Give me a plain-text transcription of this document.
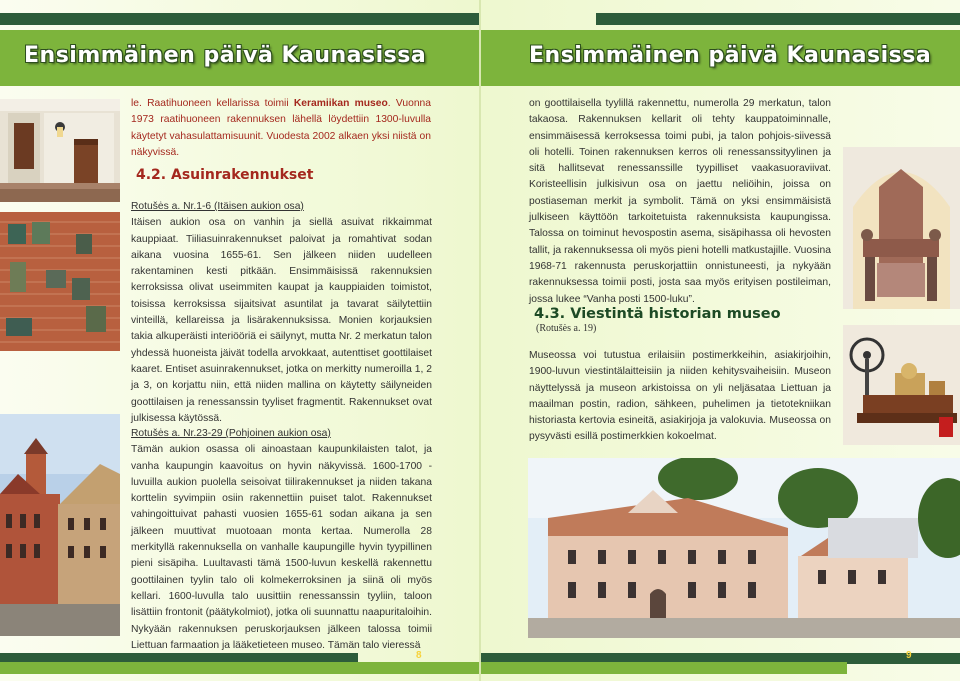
Ensimmäinen päivä Kaunasissa

le. Raatihuoneen kellarissa toimii Keramiikan museo. Vuonna 1973 raatihuoneen rakennuksen lähellä löydettiin 1300-luvulla käytetyt vahasulattamisuunit. Vuodesta 2002 alkaen yksi niistä on näkyvissä.

4.2. Asuinrakennukset

Rotušės a. Nr.1-6 (Itäisen aukion osa)

Itäisen aukion osa on vanhin ja siellä asuivat rikkaimmat kauppiaat. Tiiliasuinrakennukset paloivat ja romahtivat sodan aikana vuosina 1655-61. Sen jälkeen niiden uudelleen rakentaminen kesti pitkään. Ensimmäisissä rakennuksien kerroksissa olivat useimmiten kaupat ja kauppiaiden toimistot, toisissa kerroksissa sijaitsivat asuntilat ja tavarat säilytettiin vinteillä, kellareissa ja lisärakennuksissa. Monien korjauksien takia alkuperäisti interiööriä ei säilynyt, mutta Nr. 2 merkatun talon yhdessä huoneista jäivät todella arvokkaat, autenttiset goottilaiset kaaret. Entiset asuinrakennukset, jotka on merkitty numeroilla 1, 2 ja 3, on korjattu niin, että niiden mallina on käytetty säilyneiden goottilaisen ja renessanssin tyyliset fragmentit. Rakennukset ovat julkisessa käytössä.

Rotušės a. Nr.23-29 (Pohjoinen aukion osa)

Tämän aukion osassa oli ainoastaan kaupunkilaisten talot, ja vanha kaupungin kaavoitus on hyvin näkyvissä. 1600-1700 -luvuilla aukion puolella seisoivat tiilirakennukset ja niiden takana korttelin syvimpiin osiin rakennettiin puiset talot. Rakennukset vahingoittuivat pahasti vuosien 1655-61 sodan aikana ja sen jälkeen muuttivat muotoaan monta kertaa. Numerolla 28 merkityllä rakennuksella on vanhalle kaupungille hyvin tyypillinen pieni sisäpiha. Luultavasti tämä 1500-luvun keskellä rakennettu goottilainen tyylin talo oli kolmekerroksinen ja siinä oli myös kellari. 1600-luvulla talo uusittiin renessanssin tyyliin, taloon lisättiin frontonit (päätykolmiot), jotka oli suunnattu naapuritaloihin. Nykyään rakennuksen peruskorjauksen jälkeen talossa toimii Liettuan farmaation ja lääketieteen museo. Tämän talo vieressä

8
Ensimmäinen päivä Kaunasissa
on goottilaisella tyylillä rakennettu, numerolla 29 merkatun, talon takaosa. Rakennuksen kellarit oli tehty kauppatoiminnalle, ensimmäisessä kerroksessa toimi pubi, ja talon pohjois-siivessä oli hotelli. Toinen rakennuksen kerros oli renessanssityylinen ja sitä hallitsevat renessanssille tyypilliset vaakasuoraviivat. Koristeellisin julkisivun osa on jaettu neliöihin, joissa on postiaseman merkit ja symbolit. Tämä on yksi ensimmäisistä julkiseen käyttöön tarkoitetuista rakennuksista kaupungissa. Talossa on toiminut hevospostin asema, sisäpihassa oli hevosten tallit, ja rakennuksessa oli myös pieni hotelli matkustajille. Vuosina 1968-71 rakennusta peruskorjattiin onnistuneesti, ja nykyään rakennuksessa toimii posti, josta saa myös erityisen postileiman, jossa lukee “Vanha posti 1500-luku”.
4.3. Viestintä historian museo
(Rotušės a. 19)
Museossa voi tutustua erilaisiin postimerkkeihin, asiakirjoihin, 1900-luvun viestintälaitteisiin ja niiden kehitysvaiheisiin. Museon näyttelyssä ja museon arkistoissa on yli neljäsataa Liettuan ja maailman postin, radion, sähkeen, puhelimen ja tietotekniikan historiasta kertovia esineitä, asiakirjoja ja valokuvia. Museossa on pysyvästi esillä postimerkkien kokoelmat.
9
